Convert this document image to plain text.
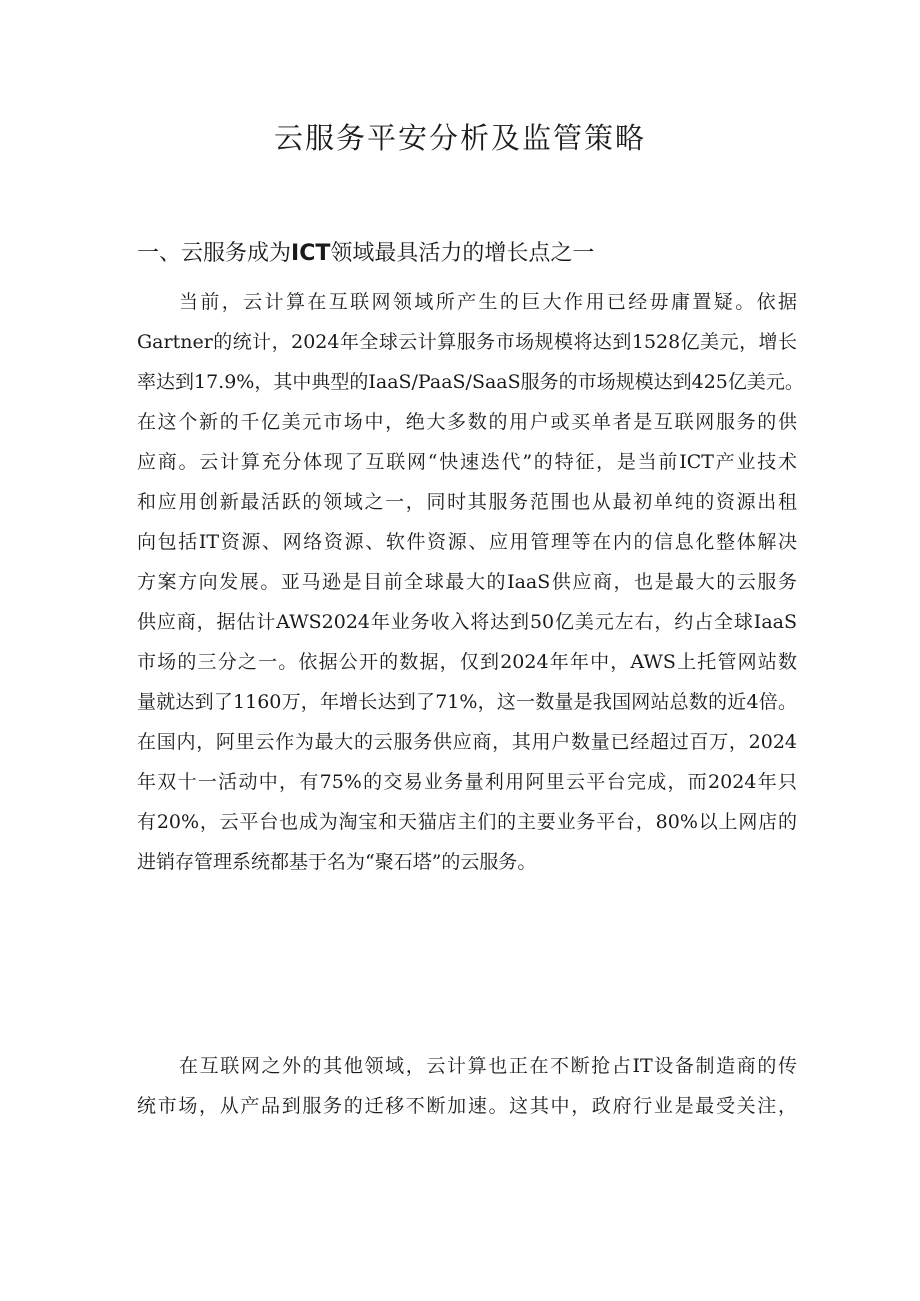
云服务平安分析及监管策略
一、云服务成为ICT领域最具活力的增长点之一
当前，云计算在互联网领域所产生的巨大作用已经毋庸置疑。依据
Gartner的统计，2024年全球云计算服务市场规模将达到1528亿美元，增长
率达到17.9%，其中典型的IaaS/PaaS/SaaS服务的市场规模达到425亿美元。
在这个新的千亿美元市场中，绝大多数的用户或买单者是互联网服务的供
应商。云计算充分体现了互联网“快速迭代”的特征，是当前ICT产业技术
和应用创新最活跃的领域之一，同时其服务范围也从最初单纯的资源出租
向包括IT资源、网络资源、软件资源、应用管理等在内的信息化整体解决
方案方向发展。亚马逊是目前全球最大的IaaS供应商，也是最大的云服务
供应商，据估计AWS2024年业务收入将达到50亿美元左右，约占全球IaaS
市场的三分之一。依据公开的数据，仅到2024年年中，AWS上托管网站数
量就达到了1160万，年增长达到了71%，这一数量是我国网站总数的近4倍。
在国内，阿里云作为最大的云服务供应商，其用户数量已经超过百万，2024
年双十一活动中，有75%的交易业务量利用阿里云平台完成，而2024年只
有20%，云平台也成为淘宝和天猫店主们的主要业务平台，80%以上网店的
进销存管理系统都基于名为“聚石塔”的云服务。
在互联网之外的其他领域，云计算也正在不断抢占IT设备制造商的传
统市场，从产品到服务的迁移不断加速。这其中，政府行业是最受关注，
